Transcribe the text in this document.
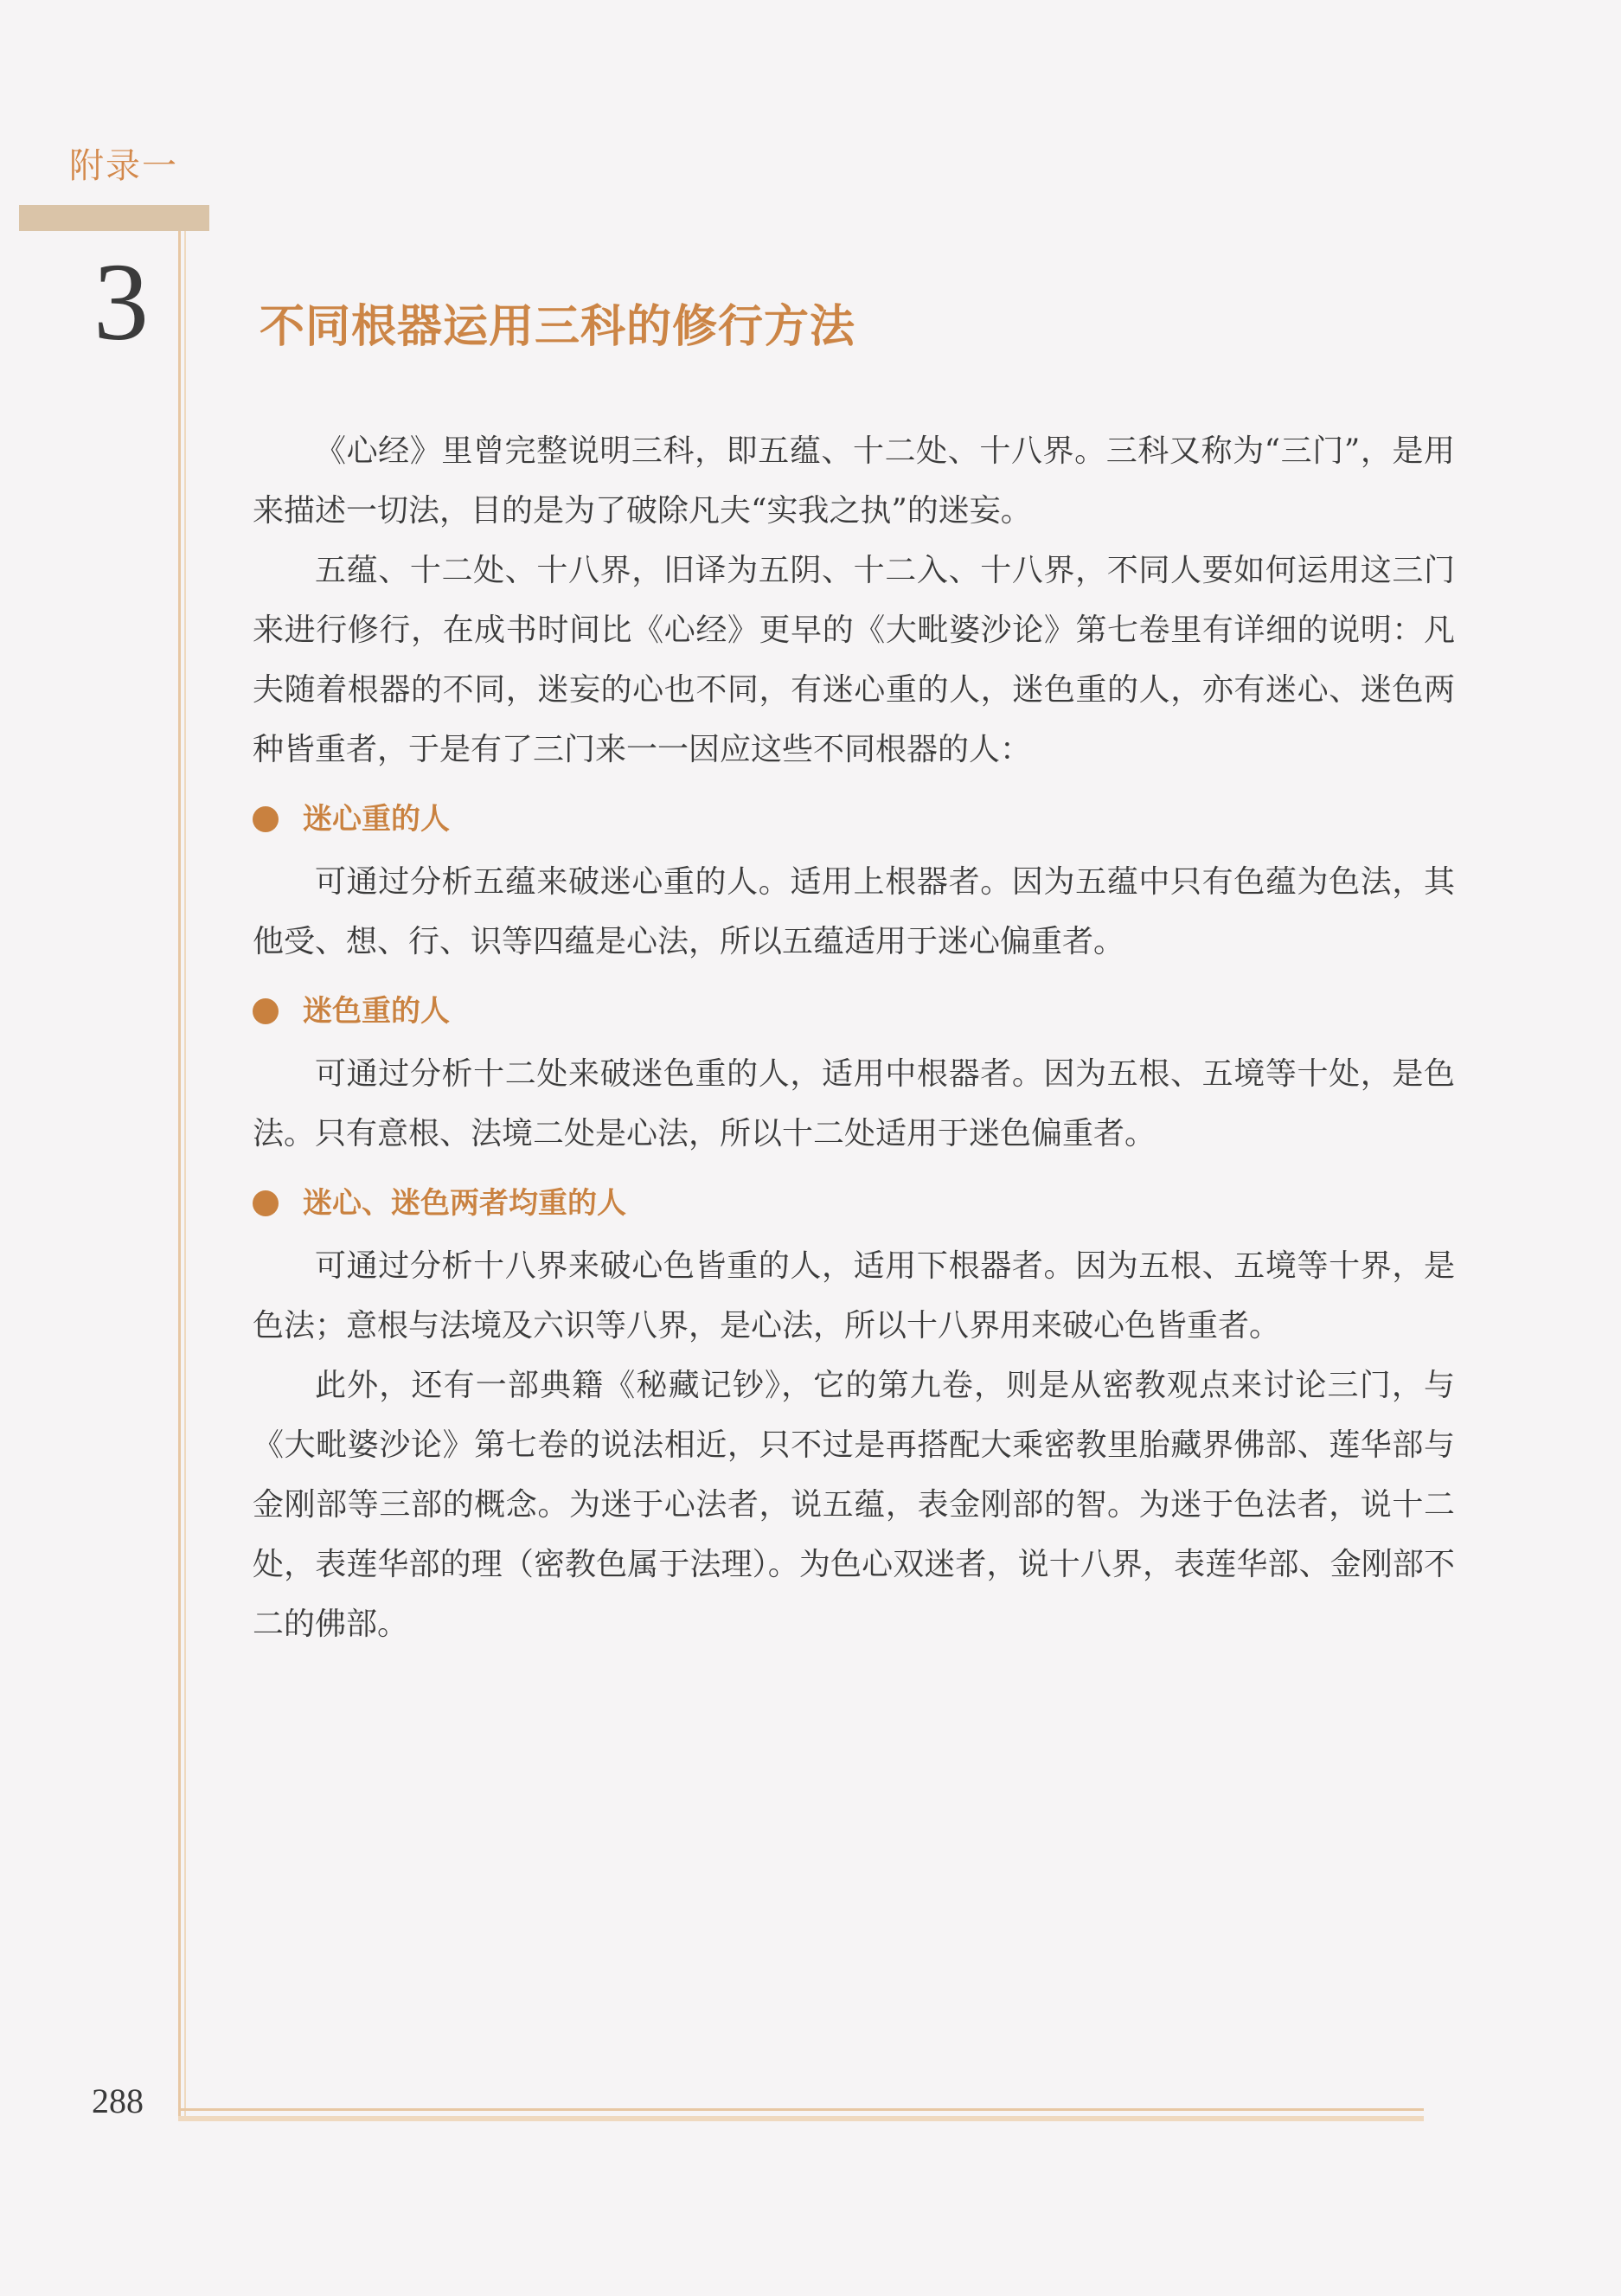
附录一
3 不同根器运用三科的修行方法

《心经》里曾完整说明三科，即五蕴、十二处、十八界。三科又称为“三门”，是用来描述一切法，目的是为了破除凡夫“实我之执”的迷妄。

五蕴、十二处、十八界，旧译为五阴、十二入、十八界，不同人要如何运用这三门来进行修行，在成书时间比《心经》更早的《大毗婆沙论》第七卷里有详细的说明：凡夫随着根器的不同，迷妄的心也不同，有迷心重的人，迷色重的人，亦有迷心、迷色两种皆重者，于是有了三门来一一因应这些不同根器的人：

迷心重的人

可通过分析五蕴来破迷心重的人。适用上根器者。因为五蕴中只有色蕴为色法，其他受、想、行、识等四蕴是心法，所以五蕴适用于迷心偏重者。

迷色重的人

可通过分析十二处来破迷色重的人，适用中根器者。因为五根、五境等十处，是色法。只有意根、法境二处是心法，所以十二处适用于迷色偏重者。

迷心、迷色两者均重的人

可通过分析十八界来破心色皆重的人，适用下根器者。因为五根、五境等十界，是色法；意根与法境及六识等八界，是心法，所以十八界用来破心色皆重者。

此外，还有一部典籍《秘藏记钞》，它的第九卷，则是从密教观点来讨论三门，与《大毗婆沙论》第七卷的说法相近，只不过是再搭配大乘密教里胎藏界佛部、莲华部与金刚部等三部的概念。为迷于心法者，说五蕴，表金刚部的智。为迷于色法者，说十二处，表莲华部的理（密教色属于法理）。为色心双迷者，说十八界，表莲华部、金刚部不二的佛部。

288
